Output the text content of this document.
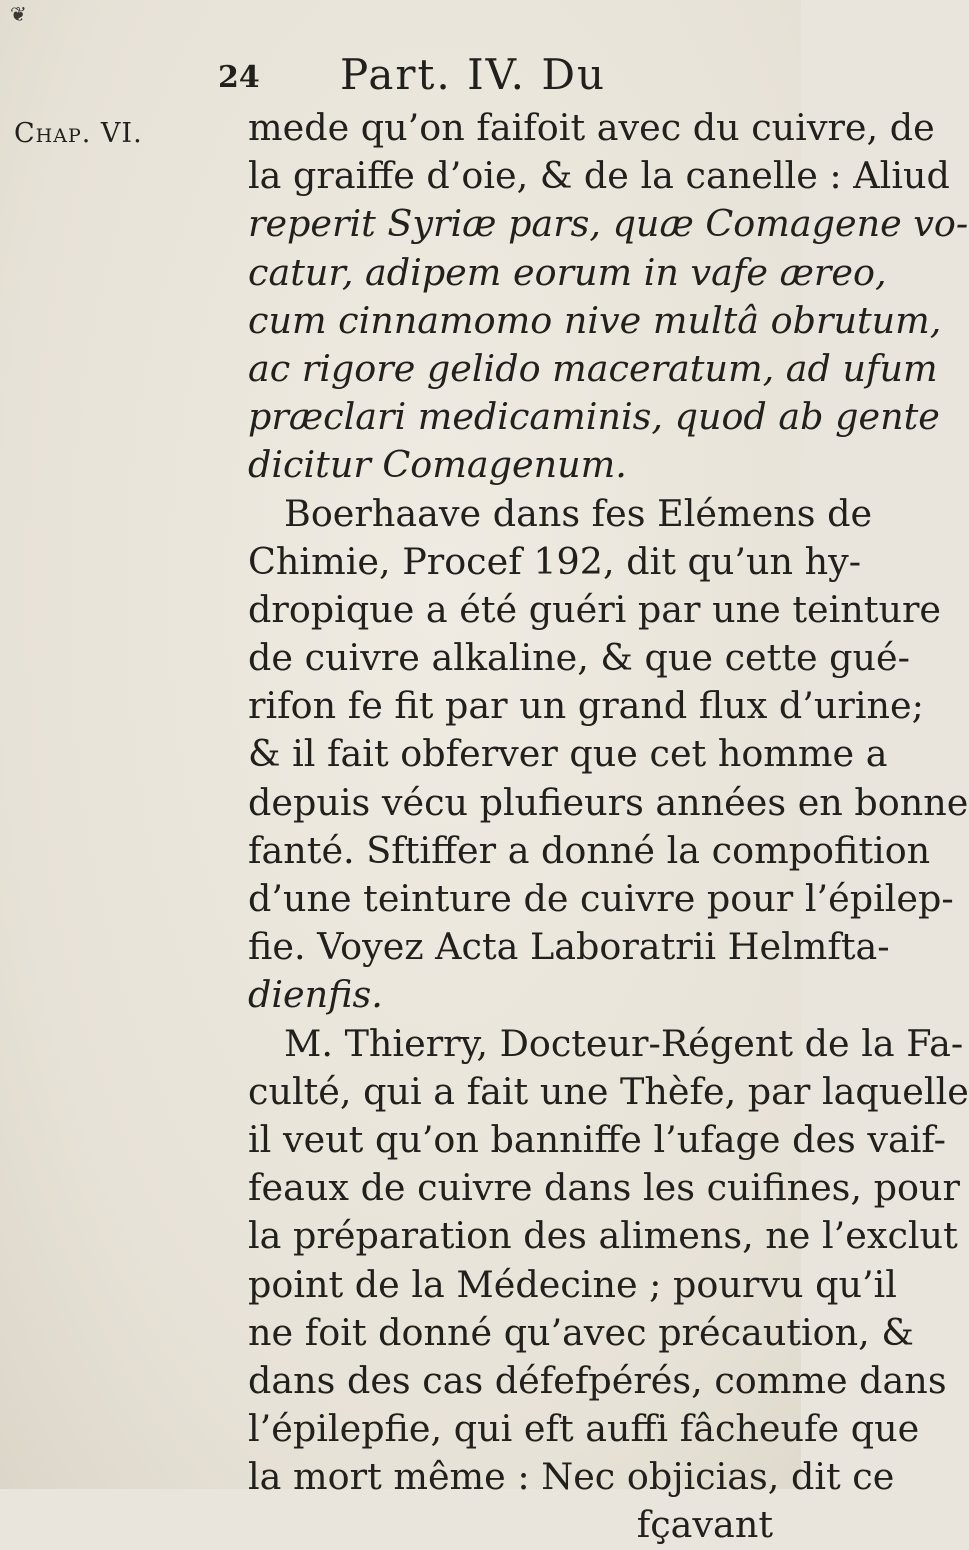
❦
Chap. VI.
24 Part. IV. Du
mede qu’on faifoit avec du cuivre, de
la graiffe d’oie, & de la canelle : Aliud
reperit Syriæ pars, quæ Comagene vo-
catur, adipem eorum in vafe æreo,
cum cinnamomo nive multâ obrutum,
ac rigore gelido maceratum, ad ufum
præclari medicaminis, quod ab gente
dicitur Comagenum.
Boerhaave dans fes Elémens de
Chimie, Procef 192, dit qu’un hy-
dropique a été guéri par une teinture
de cuivre alkaline, & que cette gué-
rifon fe fit par un grand flux d’urine;
& il fait obferver que cet homme a
depuis vécu plufieurs années en bonne
fanté. Sftiffer a donné la compofition
d’une teinture de cuivre pour l’épilep-
fie. Voyez Acta Laboratrii Helmfta-
dienfis.
M. Thierry, Docteur-Régent de la Fa-
culté, qui a fait une Thèfe, par laquelle
il veut qu’on banniffe l’ufage des vaif-
feaux de cuivre dans les cuifines, pour
la préparation des alimens, ne l’exclut
point de la Médecine ; pourvu qu’il
ne foit donné qu’avec précaution, &
dans des cas défefpérés, comme dans
l’épilepfie, qui eft auffi fâcheufe que
la mort même : Nec objicias, dit ce
fçavant
